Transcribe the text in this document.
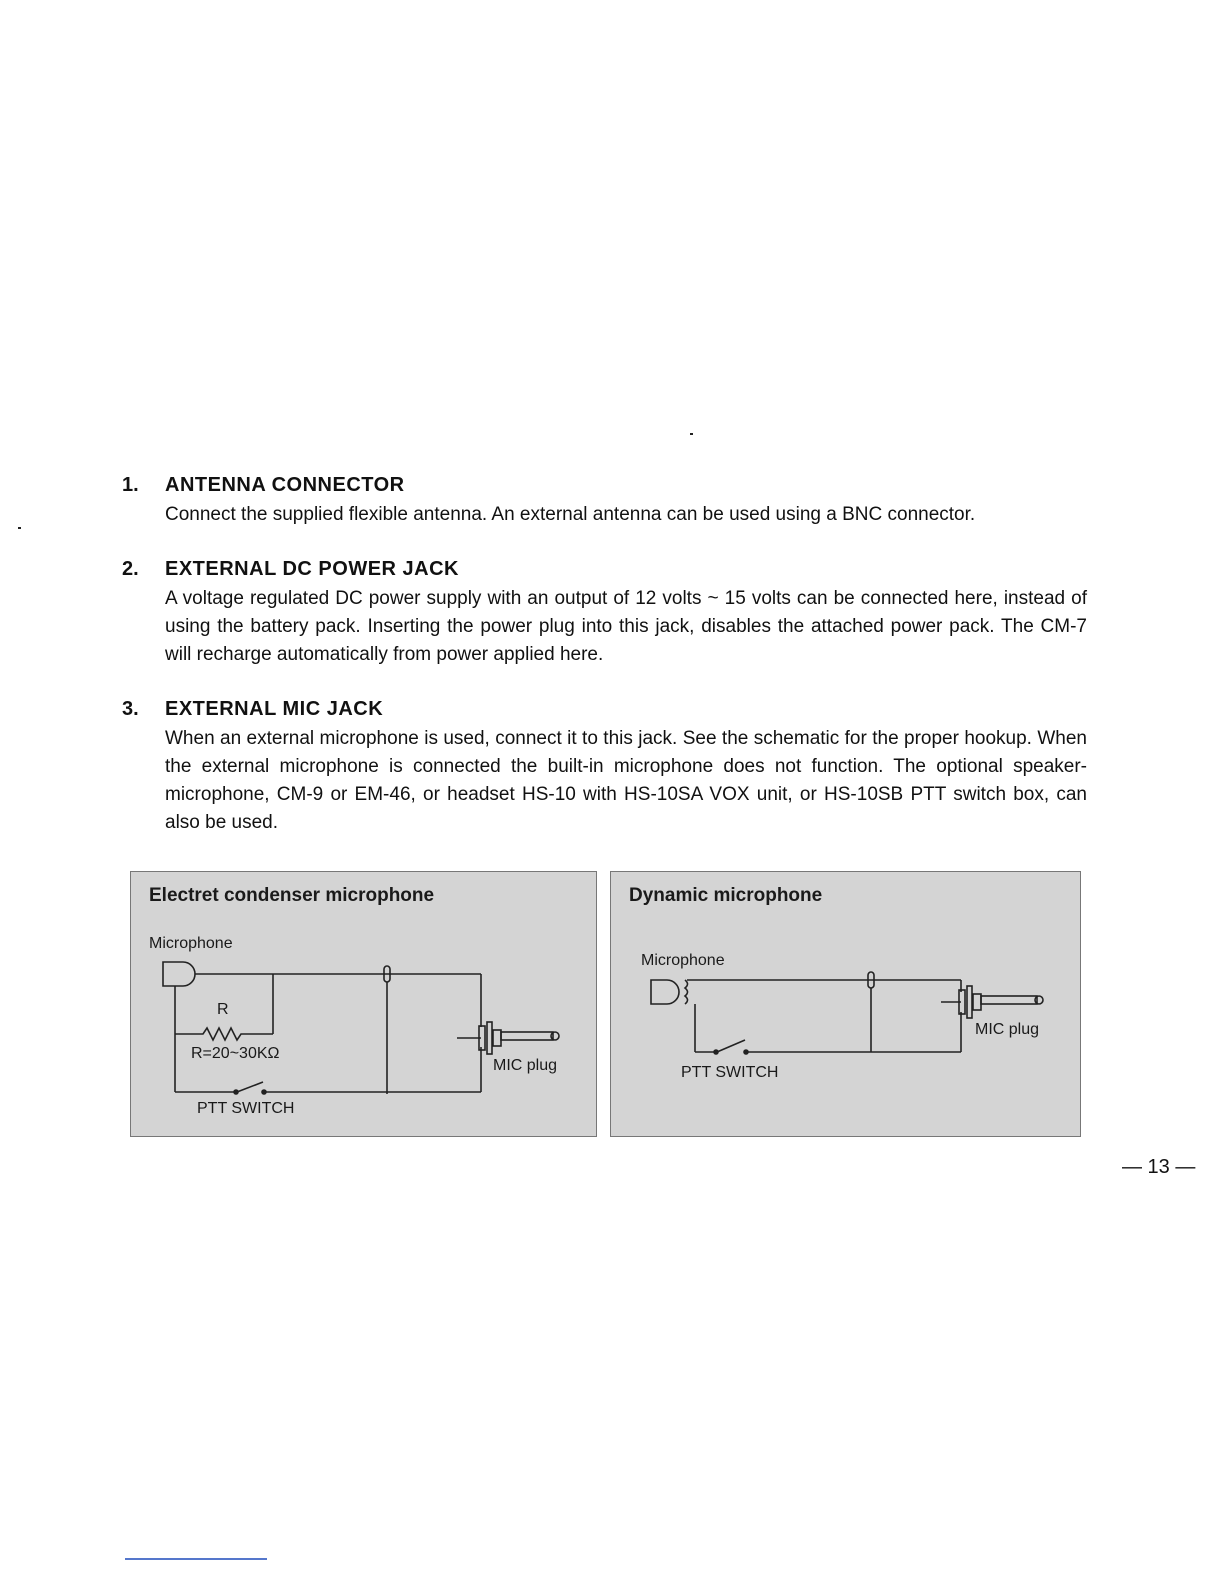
1. ANTENNA CONNECTOR
Connect the supplied flexible antenna. An external antenna can be used using a BNC connector.
2. EXTERNAL DC POWER JACK
A voltage regulated DC power supply with an output of 12 volts ~ 15 volts can be connected here, instead of using the battery pack. Inserting the power plug into this jack, disables the attached power pack. The CM-7 will recharge automatically from power applied here.
3. EXTERNAL MIC JACK
When an external microphone is used, connect it to this jack. See the schematic for the proper hookup. When the external microphone is connected the built-in microphone does not function. The optional speaker-microphone, CM-9 or EM-46, or headset HS-10 with HS-10SA VOX unit, or HS-10SB PTT switch box, can also be used.
Electret condenser microphone
Microphone
R
R=20~30KΩ
MIC plug
PTT SWITCH
Dynamic microphone
Microphone
MIC plug
PTT SWITCH
— 13 —
